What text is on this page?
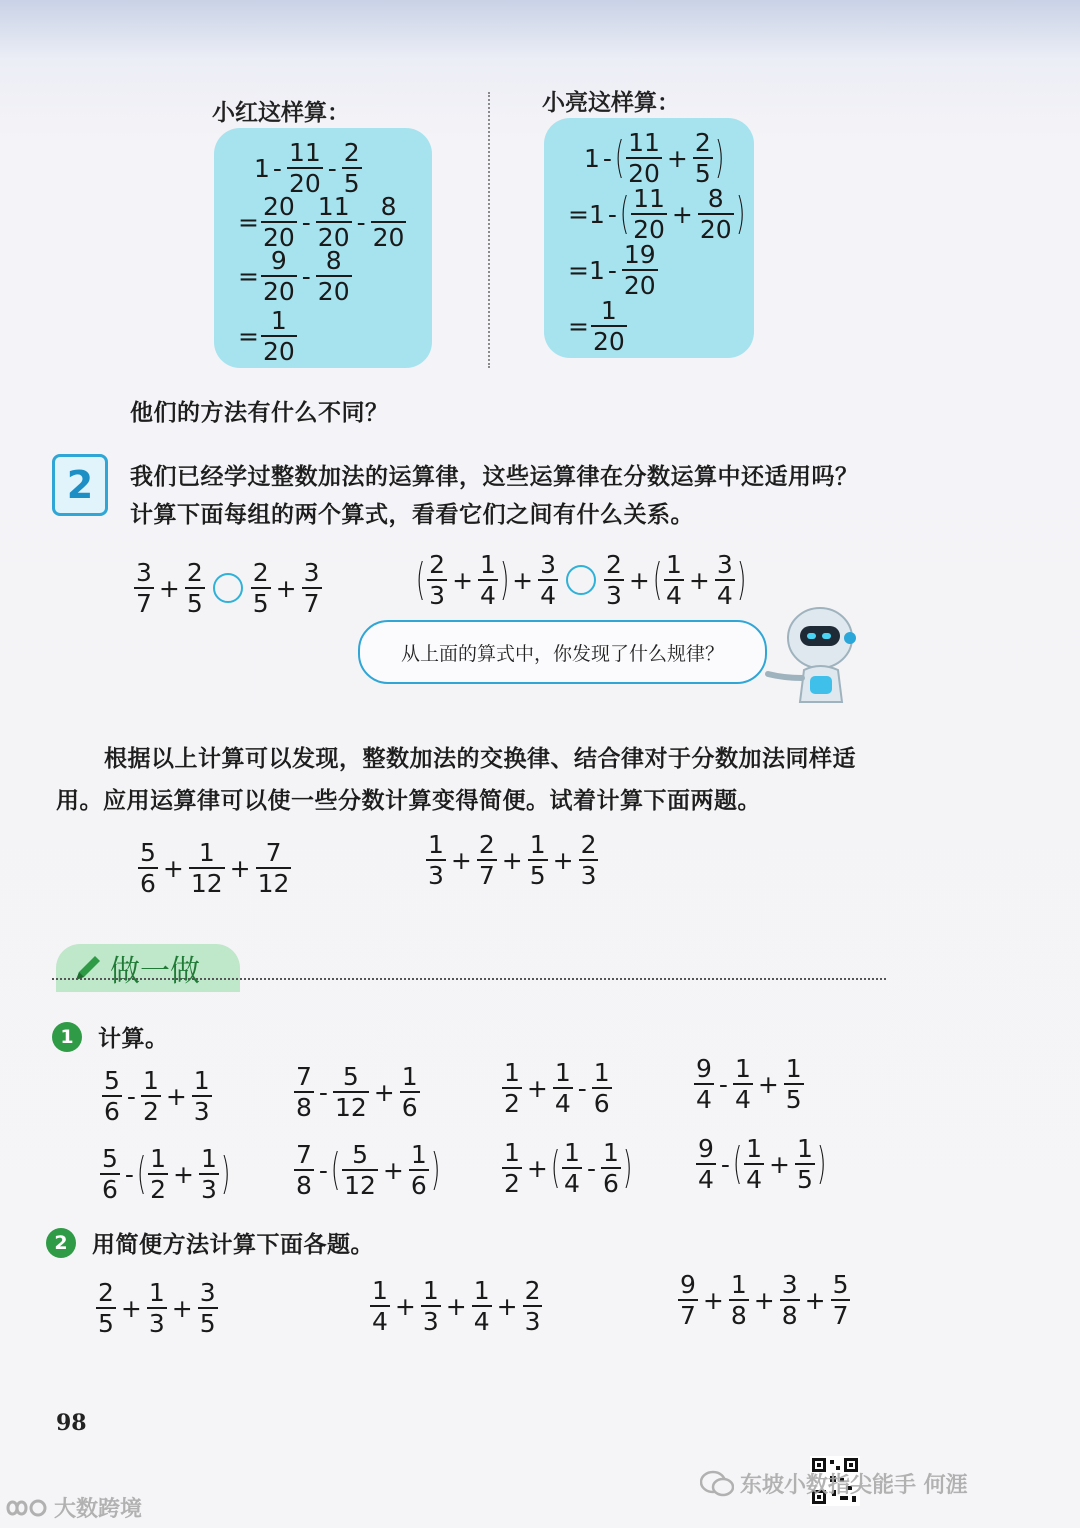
小红这样算：	小亮这样算：
$1 - \frac{11}{20} - \frac{2}{5}$
= $\frac{20}{20} - \frac{11}{20} - \frac{8}{20}$
= $\frac{9}{20} - \frac{8}{20}$
= $\frac{1}{20}$
1 - ( $\frac{11}{20} + \frac{2}{5}$ )
=1 - ( $\frac{11}{20} + \frac{8}{20}$ )
$=1 - \frac{19}{20}$
= $\frac{1}{20}$
他们的方法有什么不同？
2	我们已经学过整数加法的运算律，这些运算律在分数运算中还适用吗？
计算下面每组的两个算式，看看它们之间有什么关系。
$\frac{3}{7} + \frac{2}{5} \frac{2}{5} + \frac{3}{7}$ ( $\frac{2}{3} + \frac{1}{4}$ ) + $\frac{3}{4} \frac{2}{3}$ + ( $\frac{1}{4} + \frac{3}{4}$ )
从上面的算式中，你发现了什么规律？
根据以上计算可以发现，整数加法的交换律、结合律对于分数加法同样适
用。应用运算律可以使一些分数计算变得简便。试着计算下面两题。
$\frac{5}{6} + \frac{1}{12} + \frac{7}{12}$	$\frac{1}{3} + \frac{2}{7} + \frac{1}{5} + \frac{2}{3}$
做一做
1	计算。
$\frac{5}{6} - \frac{1}{2} + \frac{1}{3}$	$\frac{7}{8} - \frac{5}{12} + \frac{1}{6}$	$\frac{1}{2} + \frac{1}{4} - \frac{1}{6}$	$\frac{9}{4} - \frac{1}{4} + \frac{1}{5}$
$\frac{5}{6}$ - ( $\frac{1}{2} + \frac{1}{3}$ )	$\frac{7}{8}$ - ( $\frac{5}{12} + \frac{1}{6}$ ) $\frac{1}{2}$ + ( $\frac{1}{4} - \frac{1}{6}$ )	$\frac{9}{4}$ - ( $\frac{1}{4} + \frac{1}{5}$ )
2	用简便方法计算下面各题。
$\frac{2}{5} + \frac{1}{3} + \frac{3}{5}$	$\frac{1}{4} + \frac{1}{3} + \frac{1}{4} + \frac{2}{3}$	$\frac{9}{7} + \frac{1}{8} + \frac{3}{8} + \frac{5}{7}$
98
大数跨境
东坡小数指尖能手 何涯
